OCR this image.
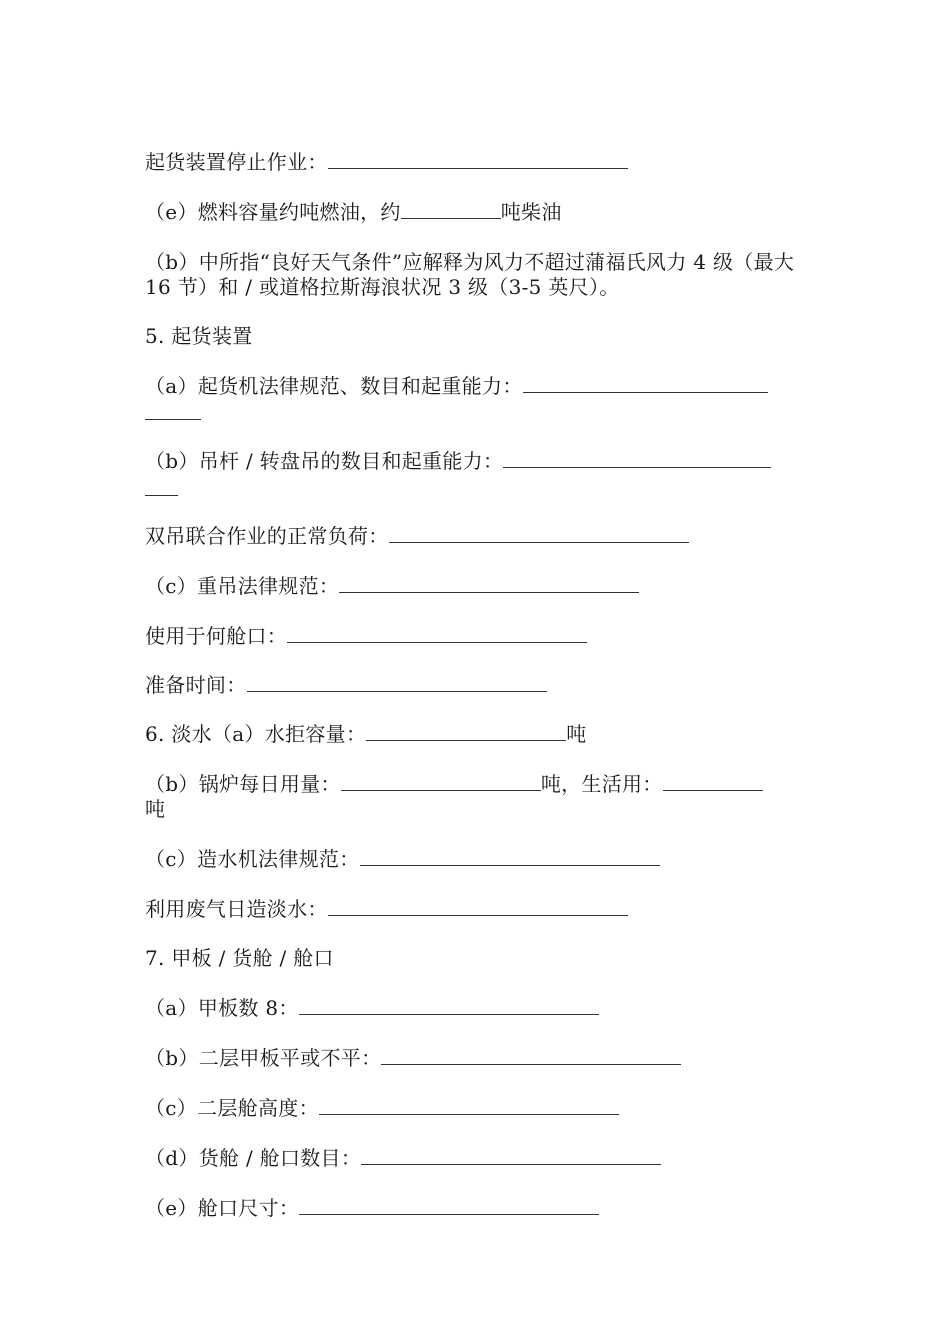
起货装置停止作业：
（e）燃料容量约吨燃油，约	吨柴油
（b）中所指“良好天气条件”应解释为风力不超过蒲福氏风力 4 级（最大 16 节）和 / 或道格拉斯海浪状况 3 级（3-5 英尺）。
5. 起货装置
（a）起货机法律规范、数目和起重能力：
（b）吊杆 / 转盘吊的数目和起重能力：
双吊联合作业的正常负荷：
（c）重吊法律规范：
使用于何舱口：
准备时间：
6. 淡水（a）水拒容量：	吨
（b）锅炉每日用量：	吨，生活用：
吨
（c）造水机法律规范：
利用废气日造淡水：
7. 甲板 / 货舱 / 舱口
（a）甲板数 8：
（b）二层甲板平或不平：
（c）二层舱高度：
（d）货舱 / 舱口数目：
（e）舱口尺寸：
